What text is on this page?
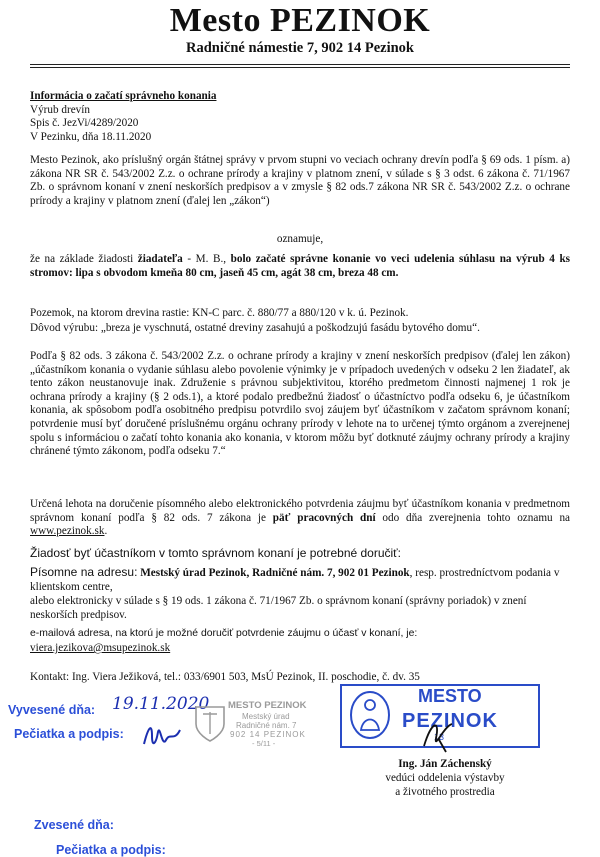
Mesto PEZINOK
Radničné námestie 7, 902 14 Pezinok
Informácia o začatí správneho konania
Výrub drevín
Spis č. JezVi/4289/2020
V Pezinku, dňa 18.11.2020
Mesto Pezinok, ako príslušný orgán štátnej správy v prvom stupni vo veciach ochrany drevín podľa § 69 ods. 1 písm. a) zákona NR SR č. 543/2002 Z.z. o ochrane prírody a krajiny v platnom znení, v súlade s § 3 odst. 6 zákona č. 71/1967 Zb. o správnom konaní v znení neskorších predpisov a v zmysle § 82 ods.7 zákona NR SR č. 543/2002 Z.z. o ochrane prírody a krajiny v platnom znení (ďalej len „zákon“)
oznamuje,
že na základe žiadosti žiadateľa - M. B., bolo začaté správne konanie vo veci udelenia súhlasu na výrub 4 ks stromov: lipa s obvodom kmeňa 80 cm, jaseň 45 cm, agát 38 cm, breza 48 cm.
Pozemok, na ktorom drevina rastie: KN-C parc. č. 880/77 a 880/120 v k. ú. Pezinok.
Dôvod výrubu: „breza je vyschnutá, ostatné dreviny zasahujú a poškodzujú fasádu bytového domu“.
Podľa § 82 ods. 3 zákona č. 543/2002 Z.z. o ochrane prírody a krajiny v znení neskorších predpisov (ďalej len zákon) „účastníkom konania o vydanie súhlasu alebo povolenie výnimky je v prípadoch uvedených v odseku 2 len žiadateľ, ak tento zákon neustanovuje inak. Združenie s právnou subjektivitou, ktorého predmetom činnosti najmenej 1 rok je ochrana prírody a krajiny (§ 2 ods.1), a ktoré podalo predbežnú žiadosť o účastníctvo podľa odseku 6, je účastníkom konania, ak spôsobom podľa osobitného predpisu potvrdilo svoj záujem byť účastníkom v začatom správnom konaní; potvrdenie musí byť doručené príslušnému orgánu ochrany prírody v lehote na to určenej týmto orgánom a zverejnenej spolu s informáciou o začatí tohto konania ako konania, v ktorom môžu byť dotknuté záujmy ochrany prírody a krajiny chránené týmto zákonom, podľa odseku 7.“
Určená lehota na doručenie písomného alebo elektronického potvrdenia záujmu byť účastníkom konania v predmetnom správnom konaní podľa § 82 ods. 7 zákona je päť pracovných dní odo dňa zverejnenia tohto oznamu na www.pezinok.sk.
Žiadosť byť účastníkom v tomto správnom konaní je potrebné doručiť:
Písomne na adresu: Mestský úrad Pezinok, Radničné nám. 7, 902 01 Pezinok, resp. prostredníctvom podania v klientskom centre,
alebo elektronicky v súlade s § 19 ods. 1 zákona č. 71/1967 Zb. o správnom konaní (správny poriadok) v znení neskorších predpisov.
e-mailová adresa, na ktorú je možné doručiť potvrdenie záujmu o účasť v konaní, je:
viera.jezikova@msupezinok.sk
Kontakt: Ing. Viera Ježiková, tel.: 033/6901 503, MsÚ Pezinok, II. poschodie, č. dv. 35
Vyvesené dňa: 19.11.2020
Pečiatka a podpis:
MESTO PEZINOK
Mestský úrad
Radničné nám. 7
902 14 PEZINOK
- 5/11 -
MESTO
PEZINOK
13
Ing. Ján Záchenský
vedúci oddelenia výstavby
a životného prostredia
Zvesené dňa:
Pečiatka a podpis:
